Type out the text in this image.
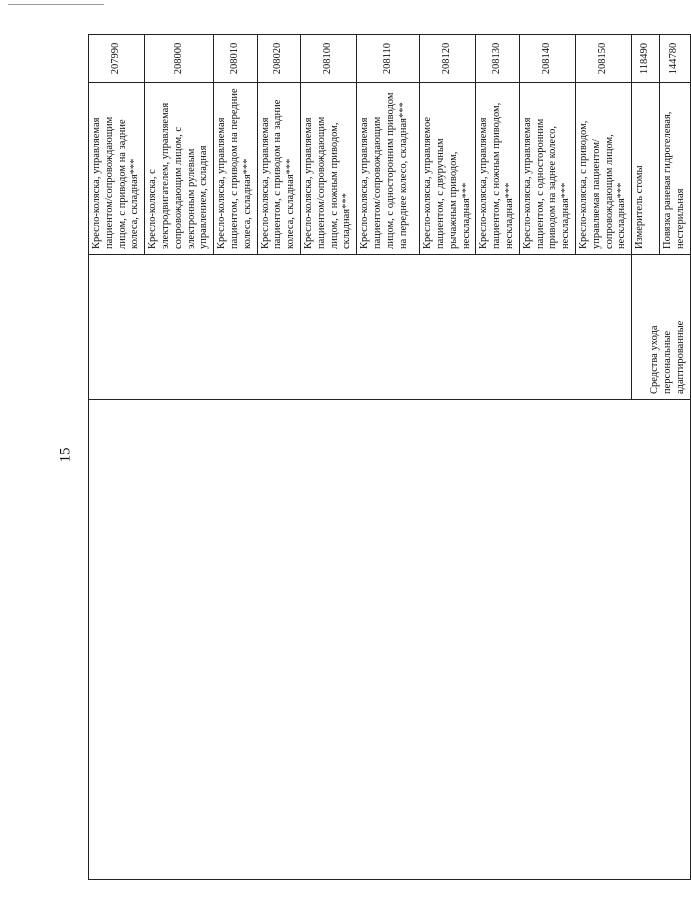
15
		Кресло-коляска, управляемая пациентом/сопровождающим лицом, с приводом на задние колеса, складная***	207990
		Кресло-коляска, с электродвигателем, управляемая сопровождающим лицом, с электронным рулевым управлением, складная	208000
		Кресло-коляска, управляемая пациентом, с приводом на передние колеса, складная***	208010
		Кресло-коляска, управляемая пациентом, с приводом на задние колеса, складная***	208020
		Кресло-коляска, управляемая пациентом/сопровождающим лицом, с ножным приводом, складная***	208100
		Кресло-коляска, управляемая пациентом/сопровождающим лицом, с односторонним приводом на переднее колесо, складная***	208110
		Кресло-коляска, управляемое пациентом, с двуручным рычажным приводом, нескладная***	208120
		Кресло-коляска, управляемая пациентом, с ножным приводом, нескладная***	208130
		Кресло-коляска, управляемая пациентом, с односторонним приводом на заднее колесо, нескладная***	208140
		Кресло-коляска, с приводом, управляемая пациентом/сопровождающим лицом, нескладная***	208150
	Средства ухода персональные адаптированные	Измеритель стомы	118490
		Повязка раневая гидрогелевая, нестерильная	144780
